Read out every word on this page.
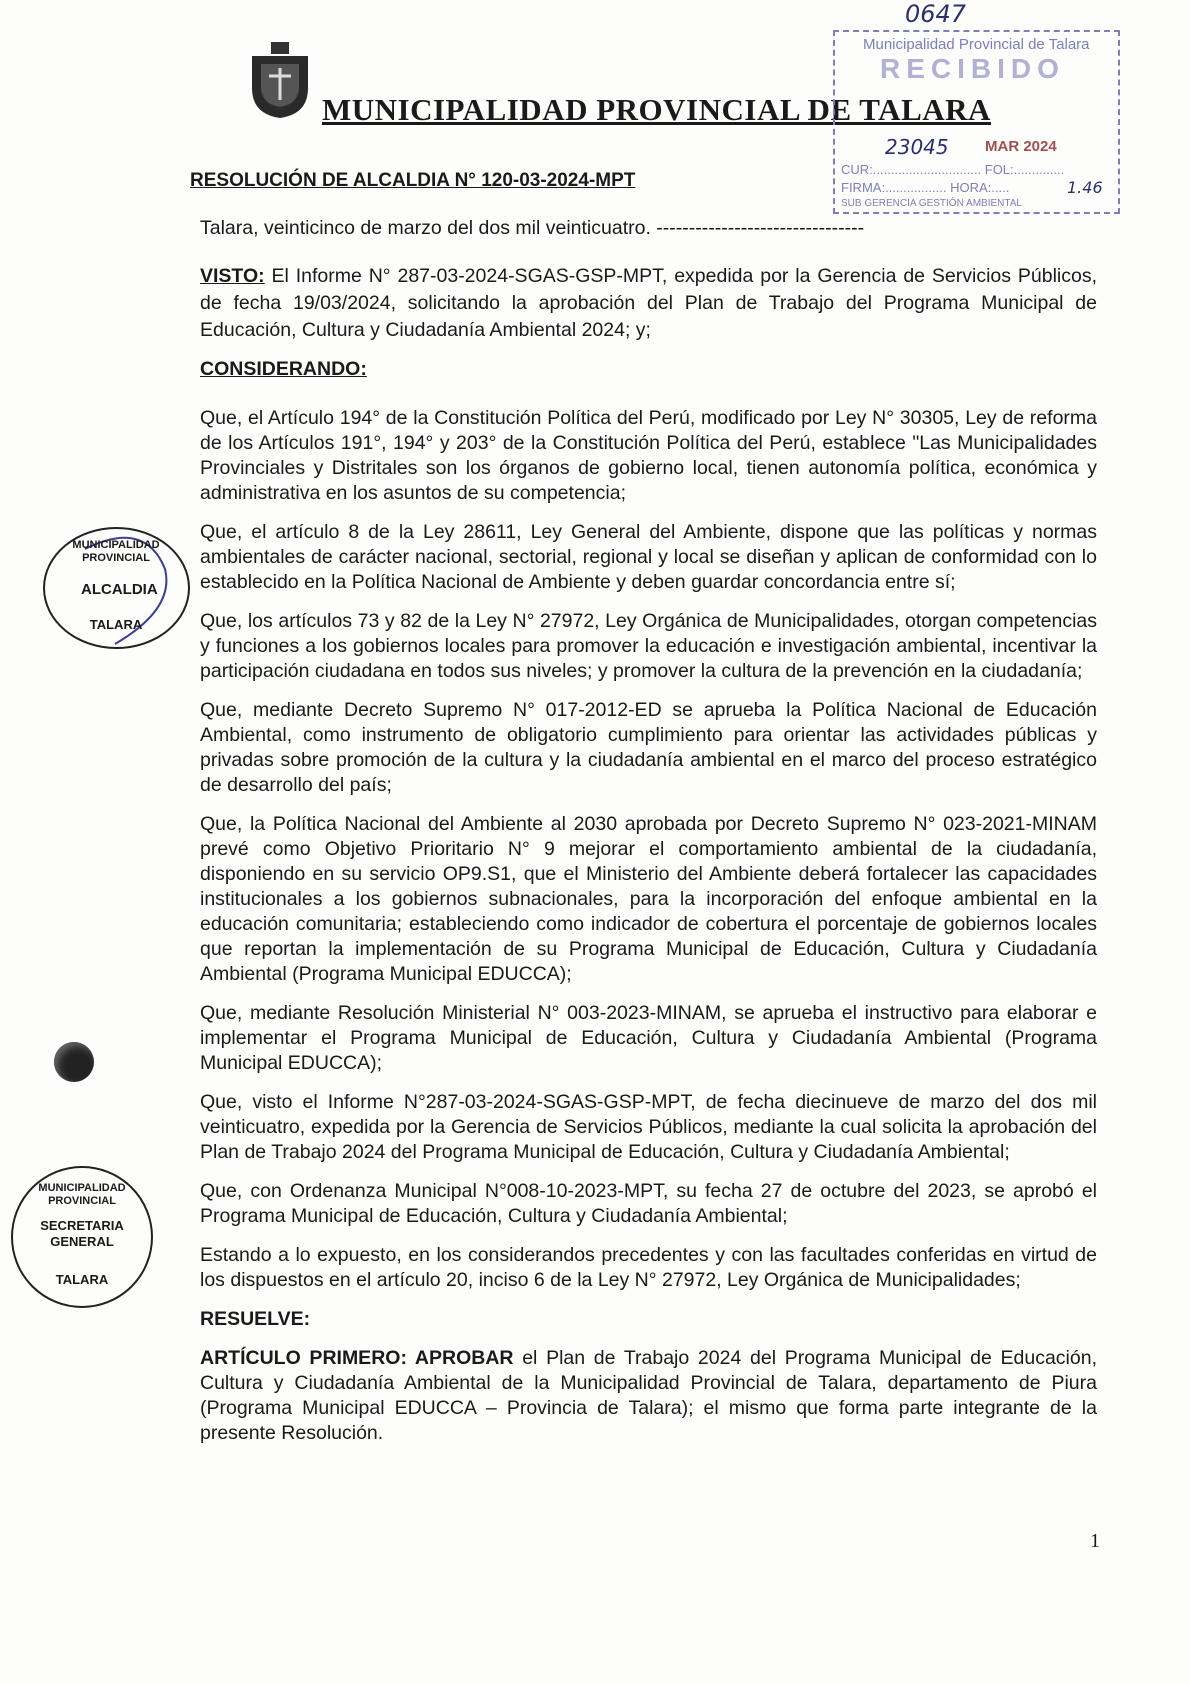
MUNICIPALIDAD PROVINCIAL DE TALARA
0647
Municipalidad Provincial de Talara
RECIBIDO
MAR 2024
23045
CUR:.............................. FOL:..............
FIRMA:................. HORA:.....	1.46
SUB GERENCIA GESTIÓN AMBIENTAL
RESOLUCIÓN DE ALCALDIA N° 120-03-2024-MPT
Talara, veinticinco de marzo del dos mil veinticuatro. --------------------------------
VISTO: El Informe N° 287-03-2024-SGAS-GSP-MPT, expedida por la Gerencia de Servicios Públicos, de fecha 19/03/2024, solicitando la aprobación del Plan de Trabajo del Programa Municipal de Educación, Cultura y Ciudadanía Ambiental 2024; y;
CONSIDERANDO:
Que, el Artículo 194° de la Constitución Política del Perú, modificado por Ley N° 30305, Ley de reforma de los Artículos 191°, 194° y 203° de la Constitución Política del Perú, establece "Las Municipalidades Provinciales y Distritales son los órganos de gobierno local, tienen autonomía política, económica y administrativa en los asuntos de su competencia;
Que, el artículo 8 de la Ley 28611, Ley General del Ambiente, dispone que las políticas y normas ambientales de carácter nacional, sectorial, regional y local se diseñan y aplican de conformidad con lo establecido en la Política Nacional de Ambiente y deben guardar concordancia entre sí;
Que, los artículos 73 y 82 de la Ley N° 27972, Ley Orgánica de Municipalidades, otorgan competencias y funciones a los gobiernos locales para promover la educación e investigación ambiental, incentivar la participación ciudadana en todos sus niveles; y promover la cultura de la prevención en la ciudadanía;
Que, mediante Decreto Supremo N° 017-2012-ED se aprueba la Política Nacional de Educación Ambiental, como instrumento de obligatorio cumplimiento para orientar las actividades públicas y privadas sobre promoción de la cultura y la ciudadanía ambiental en el marco del proceso estratégico de desarrollo del país;
Que, la Política Nacional del Ambiente al 2030 aprobada por Decreto Supremo N° 023-2021-MINAM prevé como Objetivo Prioritario N° 9 mejorar el comportamiento ambiental de la ciudadanía, disponiendo en su servicio OP9.S1, que el Ministerio del Ambiente deberá fortalecer las capacidades institucionales a los gobiernos subnacionales, para la incorporación del enfoque ambiental en la educación comunitaria; estableciendo como indicador de cobertura el porcentaje de gobiernos locales que reportan la implementación de su Programa Municipal de Educación, Cultura y Ciudadanía Ambiental (Programa Municipal EDUCCA);
Que, mediante Resolución Ministerial N° 003-2023-MINAM, se aprueba el instructivo para elaborar e implementar el Programa Municipal de Educación, Cultura y Ciudadanía Ambiental (Programa Municipal EDUCCA);
Que, visto el Informe N°287-03-2024-SGAS-GSP-MPT, de fecha diecinueve de marzo del dos mil veinticuatro, expedida por la Gerencia de Servicios Públicos, mediante la cual solicita la aprobación del Plan de Trabajo 2024 del Programa Municipal de Educación, Cultura y Ciudadanía Ambiental;
Que, con Ordenanza Municipal N°008-10-2023-MPT, su fecha 27 de octubre del 2023, se aprobó el Programa Municipal de Educación, Cultura y Ciudadanía Ambiental;
Estando a lo expuesto, en los considerandos precedentes y con las facultades conferidas en virtud de los dispuestos en el artículo 20, inciso 6 de la Ley N° 27972, Ley Orgánica de Municipalidades;
RESUELVE:
ARTÍCULO PRIMERO: APROBAR el Plan de Trabajo 2024 del Programa Municipal de Educación, Cultura y Ciudadanía Ambiental de la Municipalidad Provincial de Talara, departamento de Piura (Programa Municipal EDUCCA – Provincia de Talara); el mismo que forma parte integrante de la presente Resolución.
1
MUNICIPALIDAD PROVINCIAL
ALCALDIA
TALARA
MUNICIPALIDAD PROVINCIAL
SECRETARIA GENERAL
TALARA
